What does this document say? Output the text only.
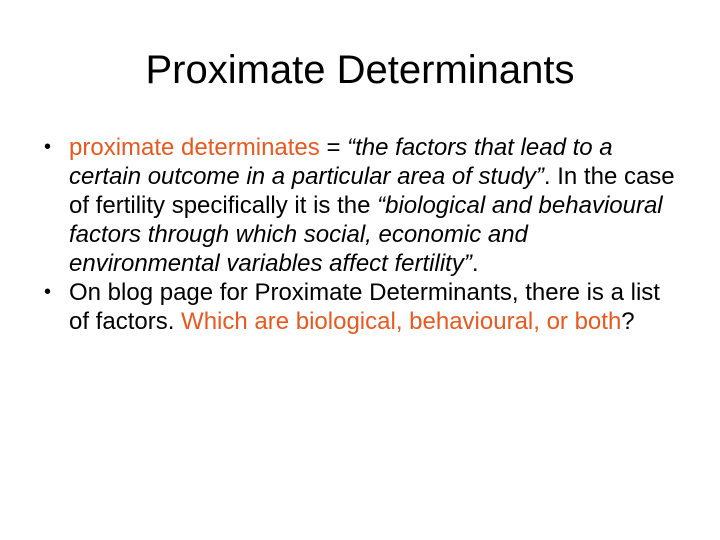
Proximate Determinants
• proximate determinates = “the factors that lead to a certain outcome in a particular area of study”. In the case of fertility specifically it is the “biological and behavioural factors through which social, economic and environmental variables affect fertility”.
• On blog page for Proximate Determinants, there is a list of factors. Which are biological, behavioural, or both?
